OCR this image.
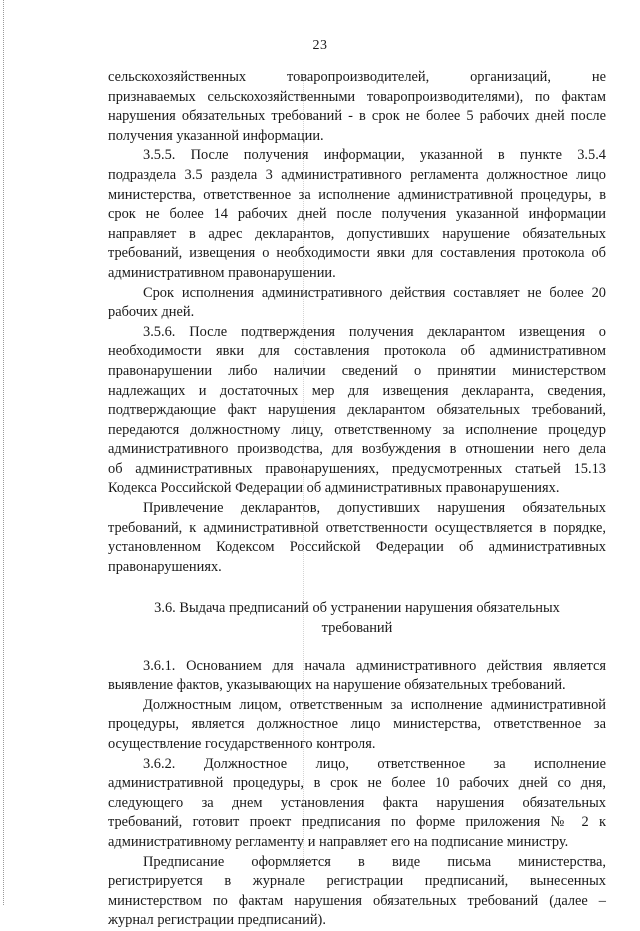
23
сельскохозяйственных товаропроизводителей, организаций, не
признаваемых сельскохозяйственными товаропроизводителями), по фактам
нарушения обязательных требований - в срок не более 5 рабочих дней после
получения указанной информации.
3.5.5. После получения информации, указанной в пункте 3.5.4
подраздела 3.5 раздела 3 административного регламента должностное лицо
министерства, ответственное за исполнение административной процедуры, в
срок не более 14 рабочих дней после получения указанной информации
направляет в адрес декларантов, допустивших нарушение обязательных
требований, извещения о необходимости явки для составления протокола об
административном правонарушении.
Срок исполнения административного действия составляет не более 20
рабочих дней.
3.5.6. После подтверждения получения декларантом извещения о
необходимости явки для составления протокола об административном
правонарушении либо наличии сведений о принятии министерством
надлежащих и достаточных мер для извещения декларанта, сведения,
подтверждающие факт нарушения декларантом обязательных требований,
передаются должностному лицу, ответственному за исполнение процедур
административного производства, для возбуждения в отношении него дела
об административных правонарушениях, предусмотренных статьей 15.13
Кодекса Российской Федерации об административных правонарушениях.
Привлечение декларантов, допустивших нарушения обязательных
требований, к административной ответственности осуществляется в порядке,
установленном Кодексом Российской Федерации об административных
правонарушениях.
3.6. Выдача предписаний об устранении нарушения обязательных
требований
3.6.1. Основанием для начала административного действия является
выявление фактов, указывающих на нарушение обязательных требований.
Должностным лицом, ответственным за исполнение административной
процедуры, является должностное лицо министерства, ответственное за
осуществление государственного контроля.
3.6.2. Должностное лицо, ответственное за исполнение
административной процедуры, в срок не более 10 рабочих дней со дня,
следующего за днем установления факта нарушения обязательных
требований, готовит проект предписания по форме приложения № 2 к
административному регламенту и направляет его на подписание министру.
Предписание оформляется в виде письма министерства,
регистрируется в журнале регистрации предписаний, вынесенных
министерством по фактам нарушения обязательных требований (далее –
журнал регистрации предписаний).
